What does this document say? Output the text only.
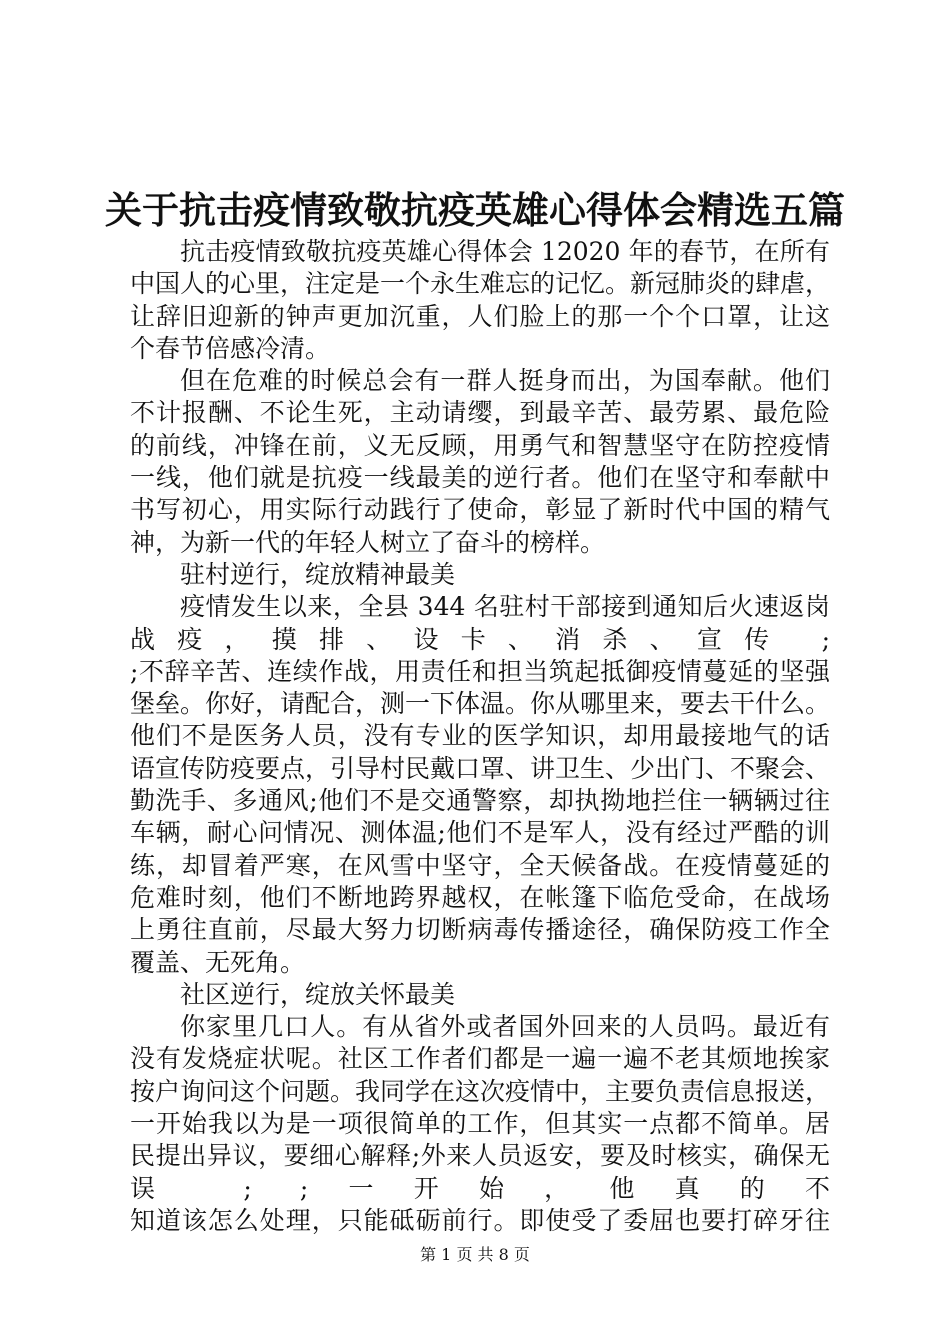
关于抗击疫情致敬抗疫英雄心得体会精选五篇
抗击疫情致敬抗疫英雄心得体会 12020 年的春节，在所有
中国人的心里，注定是一个永生难忘的记忆。新冠肺炎的肆虐，
让辞旧迎新的钟声更加沉重，人们脸上的那一个个口罩，让这
个春节倍感冷清。
但在危难的时候总会有一群人挺身而出，为国奉献。他们
不计报酬、不论生死，主动请缨，到最辛苦、最劳累、最危险
的前线，冲锋在前，义无反顾，用勇气和智慧坚守在防控疫情
一线，他们就是抗疫一线最美的逆行者。他们在坚守和奉献中
书写初心，用实际行动践行了使命，彰显了新时代中国的精气
神，为新一代的年轻人树立了奋斗的榜样。
驻村逆行，绽放精神最美
疫情发生以来，全县 344 名驻村干部接到通知后火速返岗
战疫，摸排、设卡、消杀、宣传 ;
;不辞辛苦、连续作战，用责任和担当筑起抵御疫情蔓延的坚强
堡垒。你好，请配合，测一下体温。你从哪里来，要去干什么。
他们不是医务人员，没有专业的医学知识，却用最接地气的话
语宣传防疫要点，引导村民戴口罩、讲卫生、少出门、不聚会、
勤洗手、多通风;他们不是交通警察，却执拗地拦住一辆辆过往
车辆，耐心问情况、测体温;他们不是军人，没有经过严酷的训
练，却冒着严寒，在风雪中坚守，全天候备战。在疫情蔓延的
危难时刻，他们不断地跨界越权，在帐篷下临危受命，在战场
上勇往直前，尽最大努力切断病毒传播途径，确保防疫工作全
覆盖、无死角。
社区逆行，绽放关怀最美
你家里几口人。有从省外或者国外回来的人员吗。最近有
没有发烧症状呢。社区工作者们都是一遍一遍不老其烦地挨家
按户询问这个问题。我同学在这次疫情中，主要负责信息报送，
一开始我以为是一项很简单的工作，但其实一点都不简单。居
民提出异议，要细心解释;外来人员返安，要及时核实，确保无
误 ; ;一开始，他真的不
知道该怎么处理，只能砥砺前行。即使受了委屈也要打碎牙往
第 1 页 共 8 页
